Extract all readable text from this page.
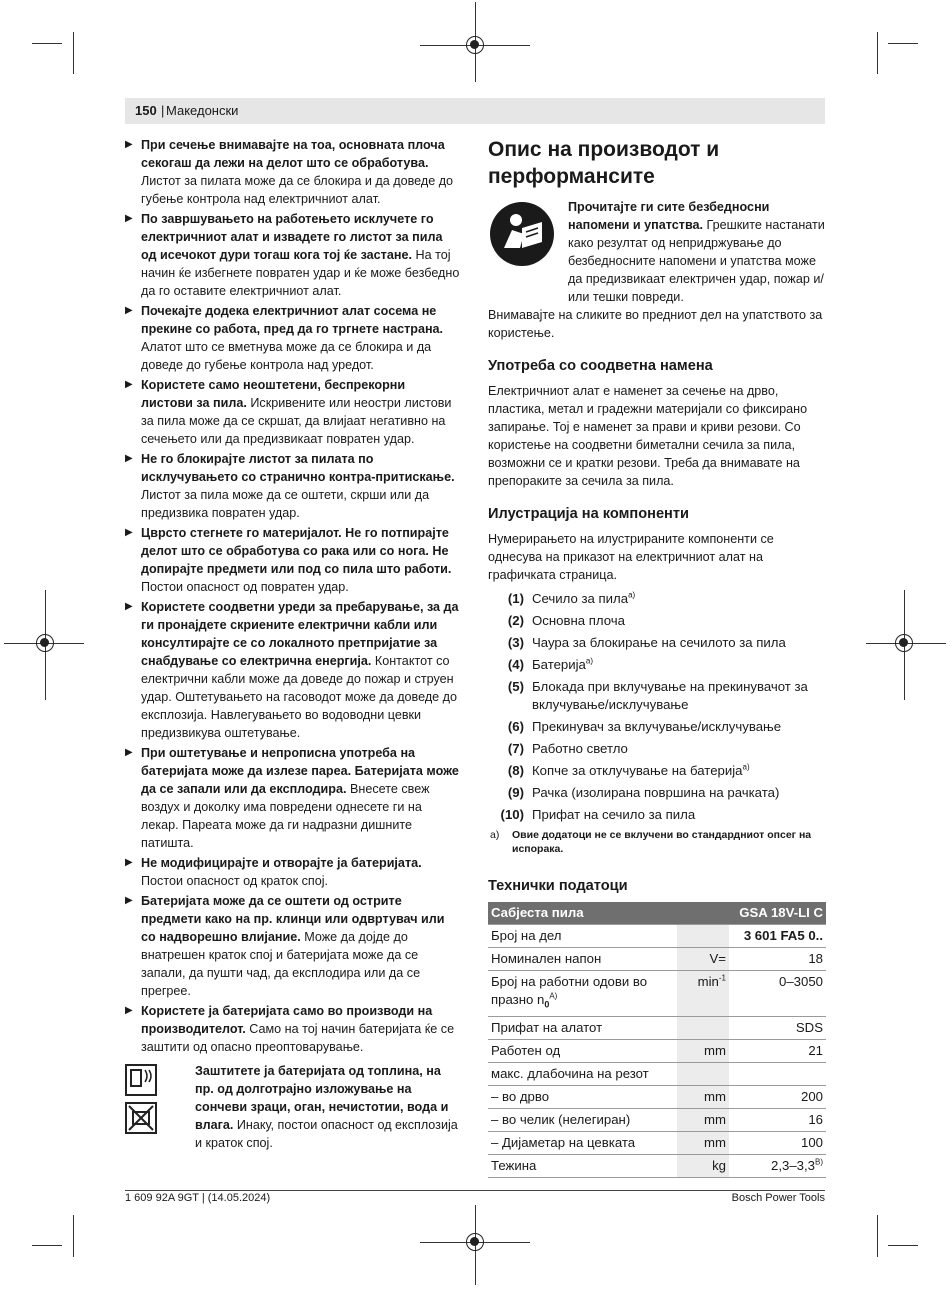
150 | Македонски
▶ При сечење внимавајте на тоа, основната плоча секогаш да лежи на делот што се обработува. Листот за пилата може да се блокира и да доведе до губење контрола над електричниот алат.
▶ По завршувањето на работењето исклучете го електричниот алат и извадете го листот за пила од исечокот дури тогаш кога тој ќе застане. На тој начин ќе избегнете повратен удар и ќе може безбедно да го оставите електричниот алат.
▶ Почекајте додека електричниот алат сосема не прекине со работа, пред да го тргнете настрана. Алатот што се вметнува може да се блокира и да доведе до губење контрола над уредот.
▶ Користете само неоштетени, беспрекорни листови за пила. Искривените или неостри листови за пила може да се скршат, да влијаат негативно на сечењето или да предизвикаат повратен удар.
▶ Не го блокирајте листот за пилата по исклучувањето со странично контра-притискање. Листот за пила може да се оштети, скрши или да предизвика повратен удар.
▶ Цврсто стегнете го материјалот. Не го потпирајте делот што се обработува со рака или со нога. Не допирајте предмети или под со пила што работи. Постои опасност од повратен удар.
▶ Користете соодветни уреди за пребарување, за да ги пронајдете скриените електрични кабли или консултирајте се со локалното претпријатие за снабдување со електрична енергија. Контактот со електрични кабли може да доведе до пожар и струен удар. Оштетувањето на гасоводот може да доведе до експлозија. Навлегувањето во водоводни цевки предизвикува оштетување.
▶ При оштетување и непрописна употреба на батеријата може да излезе пареа. Батеријата може да се запали или да експлодира. Внесете свеж воздух и доколку има повредени однесете ги на лекар. Пареата може да ги надразни дишните патишта.
▶ Не модифицирајте и отворајте ја батеријата. Постои опасност од краток спој.
▶ Батеријата може да се оштети од острите предмети како на пр. клинци или одвртувач или со надворешно влијание. Може да дојде до внатрешен краток спој и батеријата може да се запали, да пушти чад, да експлодира или да се прегрее.
▶ Користете ја батеријата само во производи на производителот. Само на тој начин батеријата ќе се заштити од опасно преоптоварување.
Заштитете ја батеријата од топлина, на пр. од долготрајно изложување на сончеви зраци, оган, нечистотии, вода и влага. Инаку, постои опасност од експлозија и краток спој.
Опис на производот и перформансите
Прочитајте ги сите безбедносни напомени и упатства. Грешките настанати како резултат од непридржување до безбедносните напомени и упатства може да предизвикаат електричен удар, пожар и/или тешки повреди.
Внимавајте на сликите во предниот дел на упатството за користење.
Употреба со соодветна намена
Електричниот алат е наменет за сечење на дрво, пластика, метал и градежни материјали со фиксирано запирање. Тој е наменет за прави и криви резови. Со користење на соодветни биметални сечила за пила, возможни се и кратки резови. Треба да внимавате на препораките за сечила за пила.
Илустрација на компоненти
Нумерирањето на илустрираните компоненти се однесува на приказот на електричниот алат на графичката страница.
(1) Сечило за пила$^{a)}$
(2) Основна плоча
(3) Чаура за блокирање на сечилото за пила
(4) Батерија$^{a)}$
(5) Блокада при вклучување на прекинувачот за вклучување/исклучување
(6) Прекинувач за вклучување/исклучување
(7) Работно светло
(8) Копче за отклучување на батерија$^{a)}$
(9) Рачка (изолирана површина на рачката)
(10) Прифат на сечило за пила
a) Овие додатоци не се вклучени во стандардниот опсег на испорака.
Технички податоци
Сабјеста пила		GSA 18V-LI C
Број на дел		3 601 FA5 0..
Номинален напон	V=	18
Број на работни одови во празно $n_0^{A)}$	$\min^{-1}$	0–3050
Прифат на алатот		SDS
Работен од	mm	21
макс. длабочина на резот		
– во дрво	mm	200
– во челик (нелегиран)	mm	16
– Дијаметар на цевката	mm	100
Тежина	kg	$2,3-3,3^{B)}$
1 609 92A 9GT | (14.05.2024)	Bosch Power Tools
